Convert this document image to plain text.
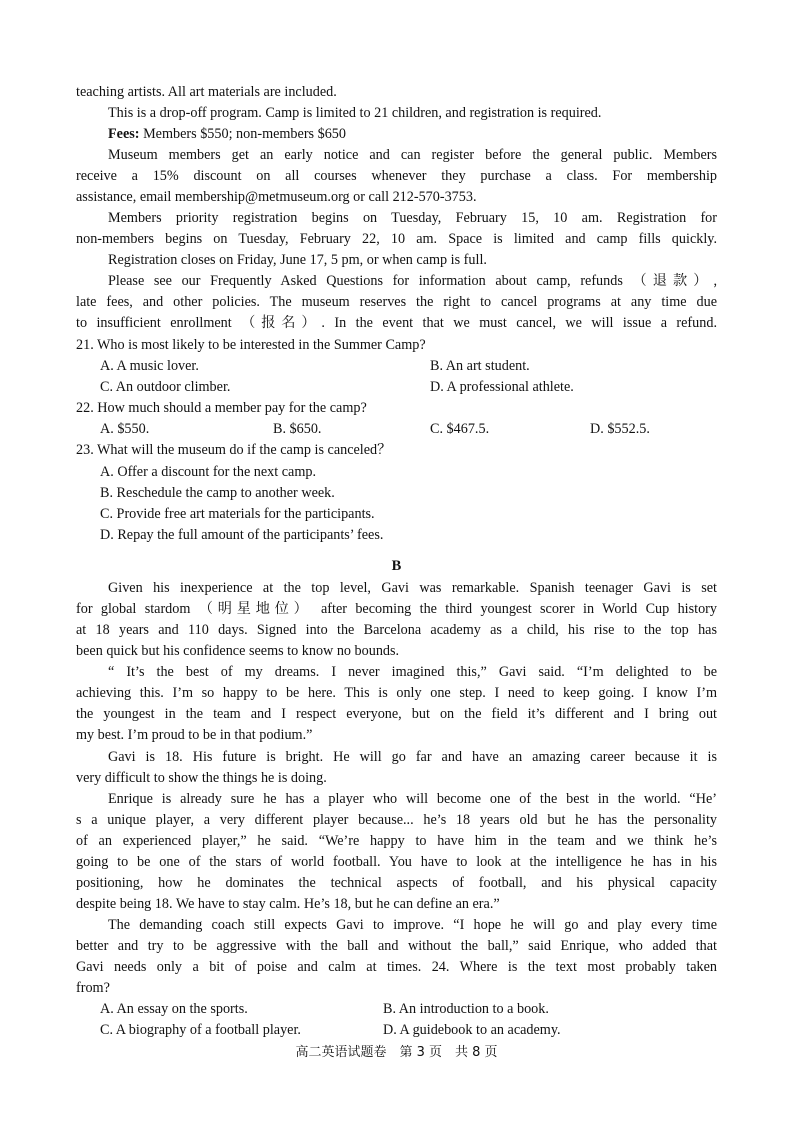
teaching artists. All art materials are included.
This is a drop-off program. Camp is limited to 21 children, and registration is required.
Fees: Members $550; non-members $650
Museum members get an early notice and can register before the general public. Members
receive a 15% discount on all courses whenever they purchase a class. For membership
assistance, email membership@metmuseum.org or call 212-570-3753.
Members priority registration begins on Tuesday, February 15, 10 am. Registration for
non-members begins on Tuesday, February 22, 10 am. Space is limited and camp fills quickly.
Registration closes on Friday, June 17, 5 pm, or when camp is full.
Please see our Frequently Asked Questions for information about camp, refunds （退款）,
late fees, and other policies. The museum reserves the right to cancel programs at any time due
to insufficient enrollment （报名）. In the event that we must cancel, we will issue a refund.
21. Who is most likely to be interested in the Summer Camp?
A. A music lover.	B. An art student.
C. An outdoor climber.	D. A professional athlete.
22. How much should a member pay for the camp?
A. $550.	B. $650.	C. $467.5.	D. $552.5.
23. What will the museum do if the camp is canceled？
A. Offer a discount for the next camp.
B. Reschedule the camp to another week.
C. Provide free art materials for the participants.
D. Repay the full amount of the participants’ fees.
B
Given his inexperience at the top level, Gavi was remarkable. Spanish teenager Gavi is set
for global stardom （明星地位） after becoming the third youngest scorer in World Cup history
at 18 years and 110 days. Signed into the Barcelona academy as a child, his rise to the top has
been quick but his confidence seems to know no bounds.
“ It’s the best of my dreams. I never imagined this,” Gavi said. “I’m delighted to be
achieving this. I’m so happy to be here. This is only one step. I need to keep going. I know I’m
the youngest in the team and I respect everyone, but on the field it’s different and I bring out
my best. I’m proud to be in that podium.”
Gavi is 18. His future is bright. He will go far and have an amazing career because it is
very difficult to show the things he is doing.
Enrique is already sure he has a player who will become one of the best in the world. “He’
s a unique player, a very different player because... he’s 18 years old but he has the personality
of an experienced player,” he said. “We’re happy to have him in the team and we think he’s
going to be one of the stars of world football. You have to look at the intelligence he has in his
positioning, how he dominates the technical aspects of football, and his physical capacity
despite being 18. We have to stay calm. He’s 18, but he can define an era.”
The demanding coach still expects Gavi to improve. “I hope he will go and play every time
better and try to be aggressive with the ball and without the ball,” said Enrique, who added that
Gavi needs only a bit of poise and calm at times. 24. Where is the text most probably taken
from?
A. An essay on the sports.	B. An introduction to a book.
C. A biography of a football player.	D. A guidebook to an academy.
高二英语试题卷　第 3 页　共 8 页
